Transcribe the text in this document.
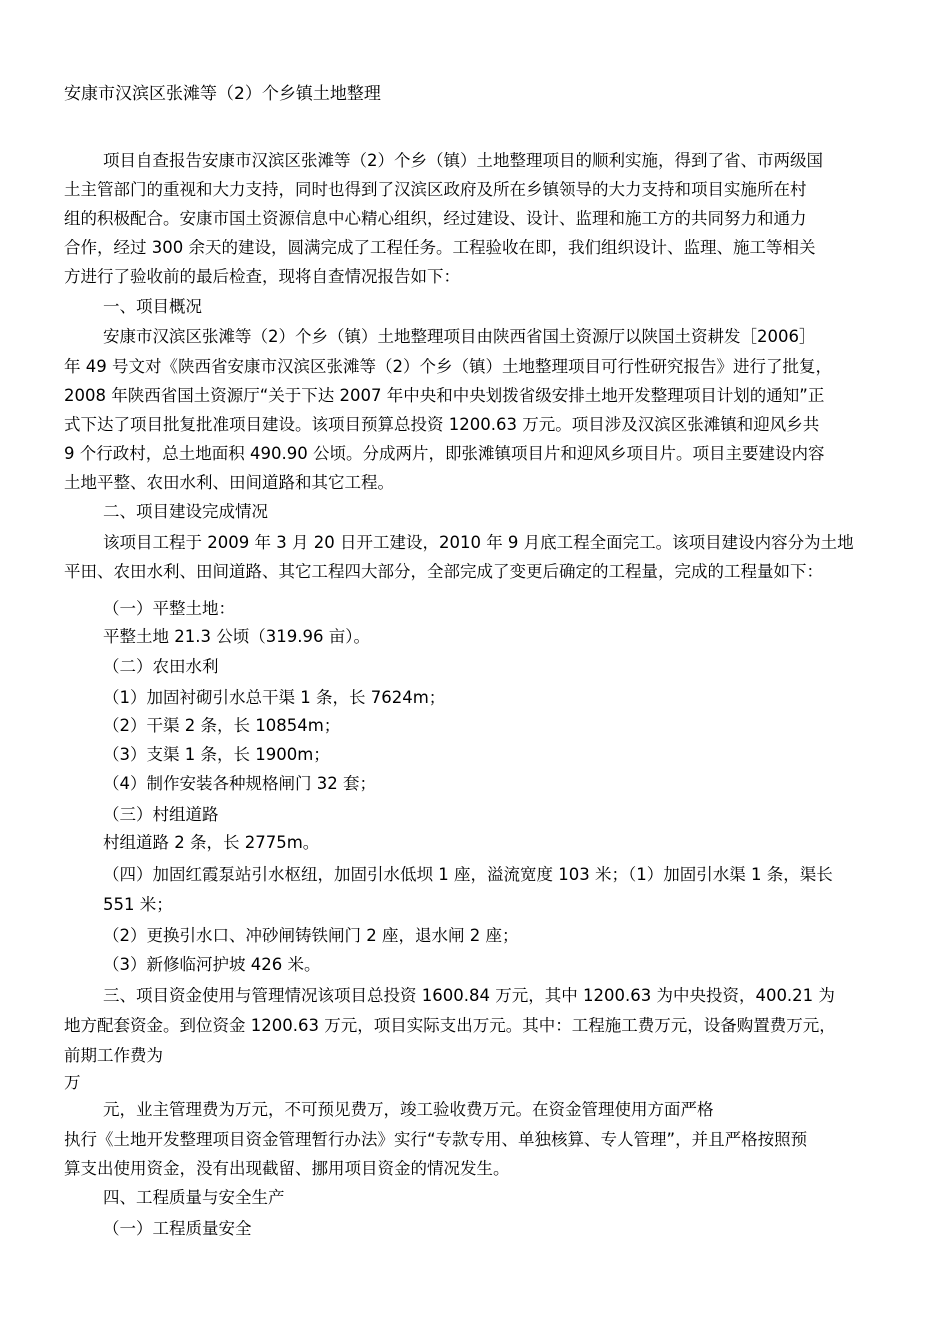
安康市汉滨区张滩等（2）个乡镇土地整理
项目自查报告安康市汉滨区张滩等（2）个乡（镇）土地整理项目的顺利实施，得到了省、市两级国
土主管部门的重视和大力支持，同时也得到了汉滨区政府及所在乡镇领导的大力支持和项目实施所在村
组的积极配合。安康市国土资源信息中心精心组织，经过建设、设计、监理和施工方的共同努力和通力
合作，经过 300 余天的建设，圆满完成了工程任务。工程验收在即，我们组织设计、监理、施工等相关
方进行了验收前的最后检查，现将自查情况报告如下：
一、项目概况
安康市汉滨区张滩等（2）个乡（镇）土地整理项目由陕西省国土资源厅以陕国土资耕发［2006］
年 49 号文对《陕西省安康市汉滨区张滩等（2）个乡（镇）土地整理项目可行性研究报告》进行了批复，
2008 年陕西省国土资源厅“关于下达 2007 年中央和中央划拨省级安排土地开发整理项目计划的通知”正
式下达了项目批复批准项目建设。该项目预算总投资 1200.63 万元。项目涉及汉滨区张滩镇和迎风乡共
9 个行政村，总土地面积 490.90 公顷。分成两片，即张滩镇项目片和迎风乡项目片。项目主要建设内容
土地平整、农田水利、田间道路和其它工程。
二、项目建设完成情况
该项目工程于 2009 年 3 月 20 日开工建设，2010 年 9 月底工程全面完工。该项目建设内容分为土地
平田、农田水利、田间道路、其它工程四大部分，全部完成了变更后确定的工程量，完成的工程量如下：
（一）平整土地：
平整土地 21.3 公顷（319.96 亩）。
（二）农田水利
（1）加固衬砌引水总干渠 1 条，长 7624m；
（2）干渠 2 条，长 10854m；
（3）支渠 1 条，长 1900m；
（4）制作安装各种规格闸门 32 套；
（三）村组道路
村组道路 2 条，长 2775m。
（四）加固红霞泵站引水枢纽，加固引水低坝 1 座，溢流宽度 103 米；（1）加固引水渠 1 条，渠长
551 米；
（2）更换引水口、冲砂闸铸铁闸门 2 座，退水闸 2 座；
（3）新修临河护坡 426 米。
三、项目资金使用与管理情况该项目总投资 1600.84 万元，其中 1200.63 为中央投资，400.21 为
地方配套资金。到位资金 1200.63 万元，项目实际支出万元。其中：工程施工费万元，设备购置费万元，
前期工作费为
万
元，业主管理费为万元，不可预见费万，竣工验收费万元。在资金管理使用方面严格
执行《土地开发整理项目资金管理暂行办法》实行“专款专用、单独核算、专人管理”，并且严格按照预
算支出使用资金，没有出现截留、挪用项目资金的情况发生。
四、工程质量与安全生产
（一）工程质量安全
